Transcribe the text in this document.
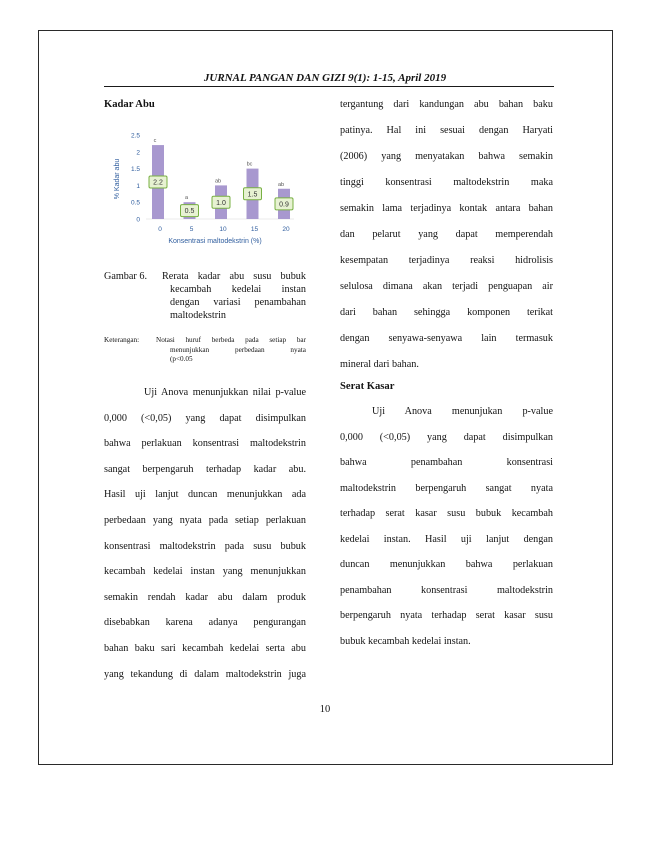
JURNAL PANGAN DAN GIZI 9(1): 1-15, April 2019
Kadar Abu
0
0.5
1
1.5
2
2.5
% Kadar abu
c
2.2
0
a
0.5
5
ab
1.0
10
bc
1.5
15
ab
0.9
20
Konsentrasi maltodekstrin (%)
Gambar 6. Rerata kadar abu susu bubuk
kecambah kedelai instan
dengan variasi penambahan
maltodekstrin
Keterangan: Notasi huruf berbeda pada setiap bar
menunjukkan perbedaan nyata
(p<0.05
Uji Anova menunjukkan nilai p-value
0,000 (<0,05) yang dapat disimpulkan
bahwa perlakuan konsentrasi maltodekstrin
sangat berpengaruh terhadap kadar abu.
Hasil uji lanjut duncan menunjukkan ada
perbedaan yang nyata pada setiap perlakuan
konsentrasi maltodekstrin pada susu bubuk
kecambah kedelai instan yang menunjukkan
semakin rendah kadar abu dalam produk
disebabkan karena adanya pengurangan
bahan baku sari kecambah kedelai serta abu
yang tekandung di dalam maltodekstrin juga
tergantung dari kandungan abu bahan baku
patinya. Hal ini sesuai dengan Haryati
(2006) yang menyatakan bahwa semakin
tinggi konsentrasi maltodekstrin maka
semakin lama terjadinya kontak antara bahan
dan pelarut yang dapat memperendah
kesempatan terjadinya reaksi hidrolisis
selulosa dimana akan terjadi penguapan air
dari bahan sehingga komponen terikat
dengan senyawa-senyawa lain termasuk
mineral dari bahan.
Serat Kasar
Uji Anova menunjukan p-value
0,000 (<0,05) yang dapat disimpulkan
bahwa penambahan konsentrasi
maltodekstrin berpengaruh sangat nyata
terhadap serat kasar susu bubuk kecambah
kedelai instan. Hasil uji lanjut dengan
duncan menunjukkan bahwa perlakuan
penambahan konsentrasi maltodekstrin
berpengaruh nyata terhadap serat kasar susu
bubuk kecambah kedelai instan.
10
